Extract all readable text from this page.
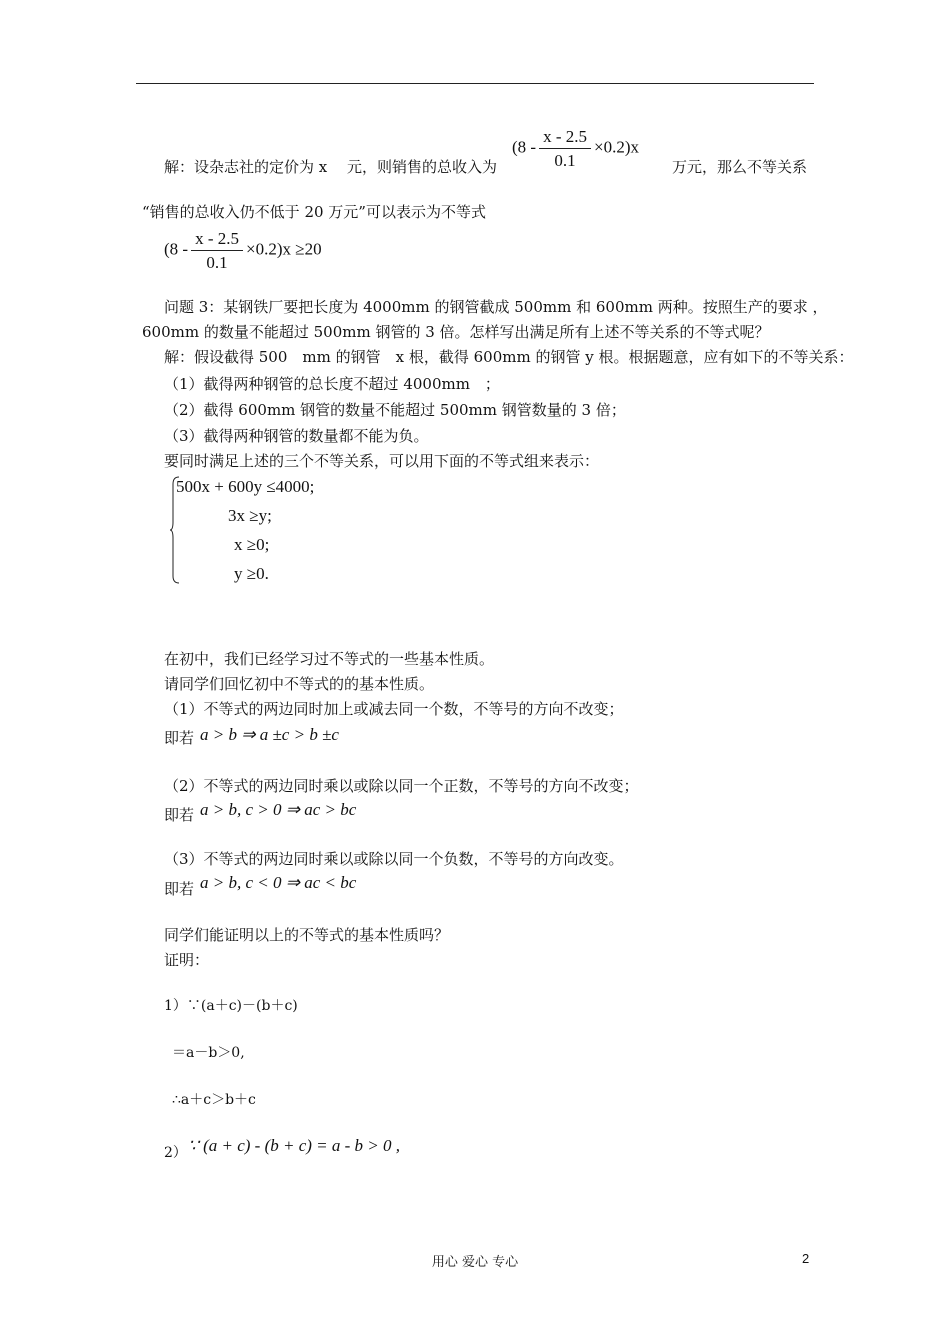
解：设杂志社的定价为 x　 元，则销售的总收入为
$(8 - \frac{x - 2.5}{0.1} \times 0.2)x$
万元，那么不等关系
“销售的总收入仍不低于 20 万元”可以表示为不等式
$(8 - \frac{x - 2.5}{0.1} \times 0.2)x \ge 20$
问题 3：某钢铁厂要把长度为 4000mm 的钢管截成 500mm 和 600mm 两种。按照生产的要求 ，
600mm 的数量不能超过 500mm 钢管的 3 倍。怎样写出满足所有上述不等关系的不等式呢？
解：假设截得 500　mm 的钢管　x 根，截得 600mm 的钢管 y 根。根据题意，应有如下的不等关系：
（1）截得两种钢管的总长度不超过 4000mm　；
（2）截得 600mm 钢管的数量不能超过 500mm 钢管数量的 3 倍；
（3）截得两种钢管的数量都不能为负。
要同时满足上述的三个不等关系，可以用下面的不等式组来表示：
500x + 600y ≤4000;
3x ≥y;
x ≥0;
y ≥0.
在初中，我们已经学习过不等式的一些基本性质。
请同学们回忆初中不等式的的基本性质。
（1）不等式的两边同时加上或减去同一个数，不等号的方向不改变；
即若 a > b ⇒ a ±c > b ±c
（2）不等式的两边同时乘以或除以同一个正数，不等号的方向不改变；
即若 a > b, c > 0 ⇒ ac > bc
（3）不等式的两边同时乘以或除以同一个负数，不等号的方向改变。
即若 a > b, c < 0 ⇒ ac < bc
同学们能证明以上的不等式的基本性质吗？
证明：
1）∵(a＋c)－(b＋c)
＝a－b＞0,
∴a＋c＞b＋c
2） ∵ (a + c) - (b + c) = a - b > 0 ,
用心 爱心 专心	2
